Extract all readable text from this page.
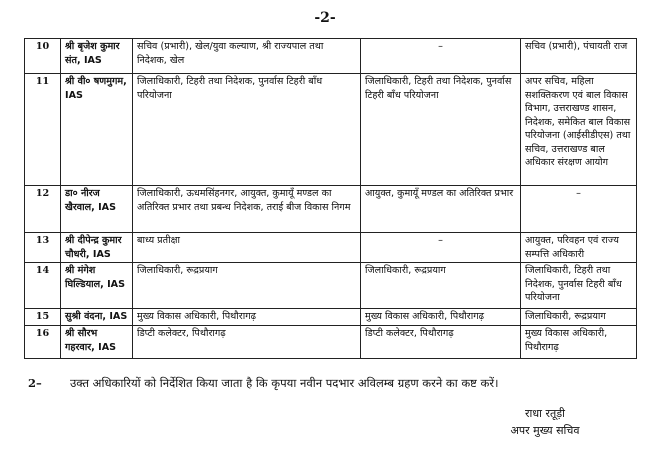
-2-
10	श्री बृजेश कुमार संत, IAS	सचिव (प्रभारी), खेल/युवा कल्याण, श्री राज्यपाल तथा निदेशक, खेल	–	सचिव (प्रभारी), पंचायती राज
11	श्री वी० षणमुगम, IAS	जिलाधिकारी, टिहरी तथा निदेशक, पुनर्वास टिहरी बाँध परियोजना	जिलाधिकारी, टिहरी तथा निदेशक, पुनर्वास टिहरी बाँध परियोजना	अपर सचिव, महिला सशक्तिकरण एवं बाल विकास विभाग, उत्तराखण्ड शासन, निदेशक, समेकित बाल विकास परियोजना (आईसीडीएस) तथा सचिव, उत्तराखण्ड बाल अधिकार संरक्षण आयोग
12	डा० नीरज खैरवाल, IAS	जिलाधिकारी, ऊधमसिंहनगर, आयुक्त, कुमायूँ मण्डल का अतिरिक्त प्रभार तथा प्रबन्ध निदेशक, तराई बीज विकास निगम	आयुक्त, कुमायूँ मण्डल का अतिरिक्त प्रभार	–
13	श्री दीपेन्द्र कुमार चौधरी, IAS	बाध्य प्रतीक्षा	–	आयुक्त, परिवहन एवं राज्य सम्पत्ति अधिकारी
14	श्री मंगेश घिल्डियाल, IAS	जिलाधिकारी, रूद्रप्रयाग	जिलाधिकारी, रूद्रप्रयाग	जिलाधिकारी, टिहरी तथा निदेशक, पुनर्वास टिहरी बाँध परियोजना
15	सुश्री वंदना, IAS	मुख्य विकास अधिकारी, पिथौरागढ़	मुख्य विकास अधिकारी, पिथौरागढ़	जिलाधिकारी, रूद्रप्रयाग
16	श्री सौरभ गहरवार, IAS	डिप्टी कलेक्टर, पिथौरागढ़	डिप्टी कलेक्टर, पिथौरागढ़	मुख्य विकास अधिकारी, पिथौरागढ़
2– उक्त अधिकारियों को निर्देशित किया जाता है कि कृपया नवीन पदभार अविलम्ब ग्रहण करने का कष्ट करें।
राधा रतूड़ी
अपर मुख्य सचिव
